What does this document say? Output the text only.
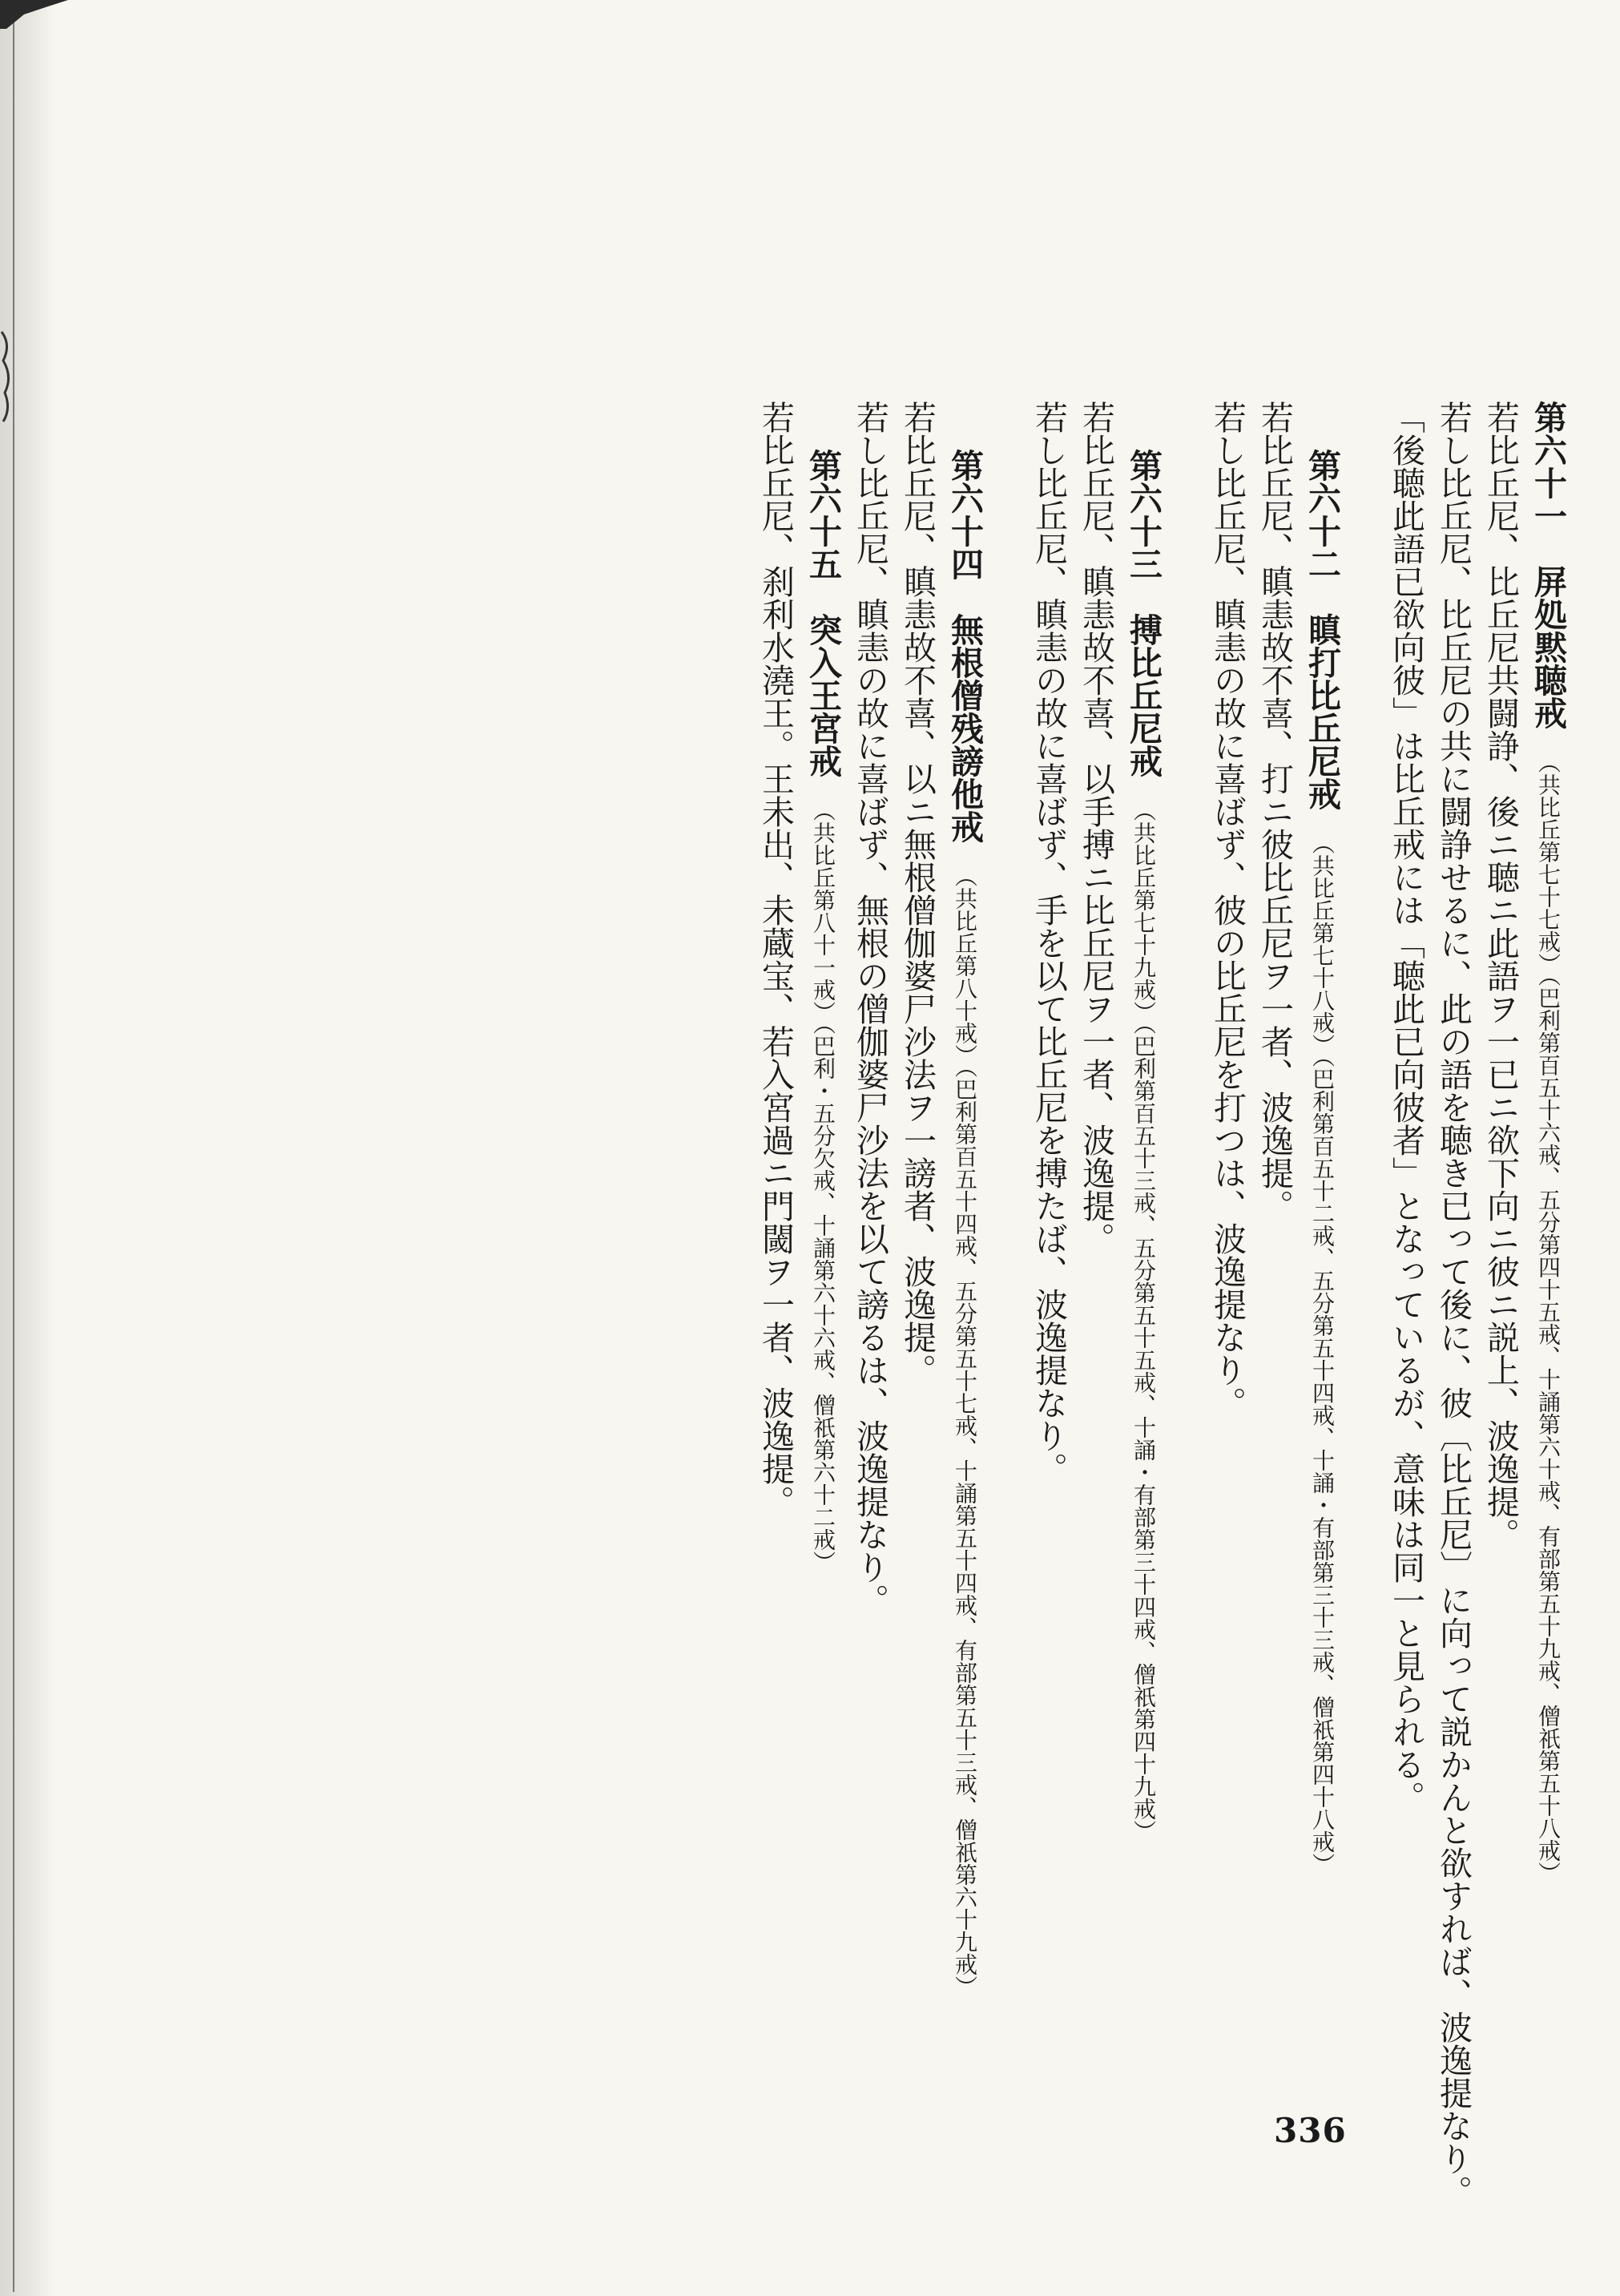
第六十一　屏処黙聴戒　（共比丘第七十七戒）（巴利第百五十六戒、五分第四十五戒、十誦第六十戒、有部第五十九戒、僧祇第五十八戒）
若比丘尼、比丘尼共闘諍、後ニ聴ニ此語ヲ一已ニ欲下向ニ彼ニ説上、波逸提。
若し比丘尼、比丘尼の共に闘諍せるに、此の語を聴き已って後に、彼〔比丘尼〕に向って説かんと欲すれば、波逸提なり。
「後聴此語已欲向彼」は比丘戒には「聴此已向彼者」となっているが、意味は同一と見られる。
第六十二　瞋打比丘尼戒　（共比丘第七十八戒）（巴利第百五十二戒、五分第五十四戒、十誦・有部第三十三戒、僧祇第四十八戒）
若比丘尼、瞋恚故不喜、打ニ彼比丘尼ヲ一者、波逸提。
若し比丘尼、瞋恚の故に喜ばず、彼の比丘尼を打つは、波逸提なり。
第六十三　搏比丘尼戒　（共比丘第七十九戒）（巴利第百五十三戒、五分第五十五戒、十誦・有部第三十四戒、僧祇第四十九戒）
若比丘尼、瞋恚故不喜、以手搏ニ比丘尼ヲ一者、波逸提。
若し比丘尼、瞋恚の故に喜ばず、手を以て比丘尼を搏たば、波逸提なり。
第六十四　無根僧残謗他戒　（共比丘第八十戒）（巴利第百五十四戒、五分第五十七戒、十誦第五十四戒、有部第五十三戒、僧祇第六十九戒）
若比丘尼、瞋恚故不喜、以ニ無根僧伽婆尸沙法ヲ一謗者、波逸提。
若し比丘尼、瞋恚の故に喜ばず、無根の僧伽婆尸沙法を以て謗るは、波逸提なり。
第六十五　突入王宮戒　（共比丘第八十一戒）（巴利・五分欠戒、十誦第六十六戒、僧祇第六十二戒）
若比丘尼、刹利水澆王。王未出、未蔵宝、若入宮過ニ門閾ヲ一者、波逸提。
336
